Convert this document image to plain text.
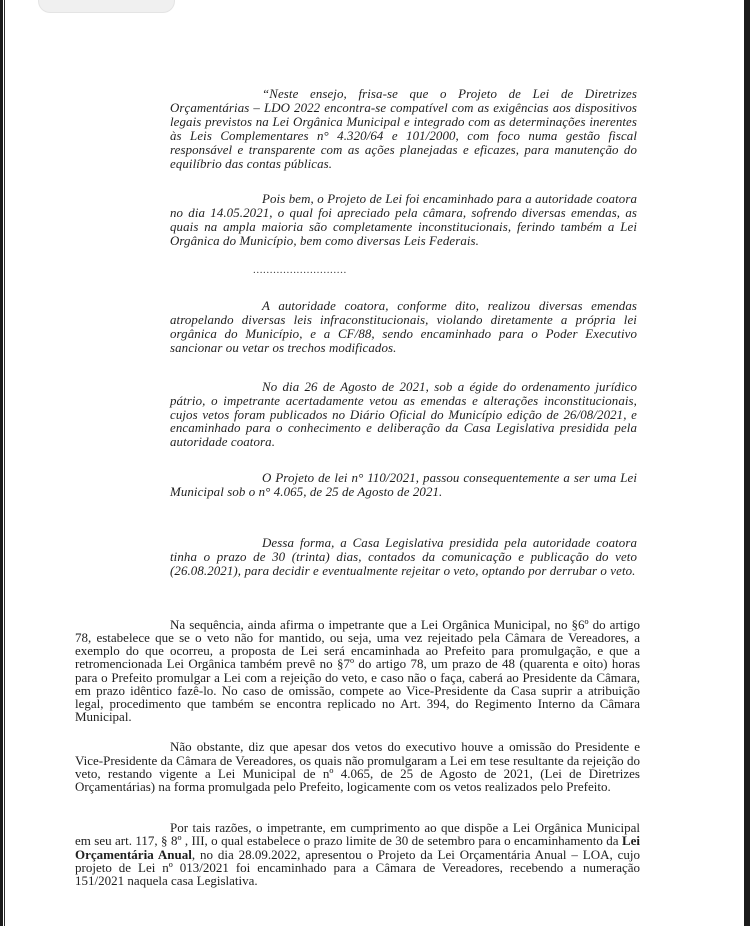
“Neste ensejo, frisa-se que o Projeto de Lei de Diretrizes Orçamentárias – LDO 2022 encontra-se compatível com as exigências aos dispositivos legais previstos na Lei Orgânica Municipal e integrado com as determinações inerentes às Leis Complementares n° 4.320/64 e 101/2000, com foco numa gestão fiscal responsável e transparente com as ações planejadas e eficazes, para manutenção do equilíbrio das contas públicas.

Pois bem, o Projeto de Lei foi encaminhado para a autoridade coatora no dia 14.05.2021, o qual foi apreciado pela câmara, sofrendo diversas emendas, as quais na ampla maioria são completamente inconstitucionais, ferindo também a Lei Orgânica do Município, bem como diversas Leis Federais.

............................

A autoridade coatora, conforme dito, realizou diversas emendas atropelando diversas leis infraconstitucionais, violando diretamente a própria lei orgânica do Município, e a CF/88, sendo encaminhado para o Poder Executivo sancionar ou vetar os trechos modificados.

No dia 26 de Agosto de 2021, sob a égide do ordenamento jurídico pátrio, o impetrante acertadamente vetou as emendas e alterações inconstitucionais, cujos vetos foram publicados no Diário Oficial do Município edição de 26/08/2021, e encaminhado para o conhecimento e deliberação da Casa Legislativa presidida pela autoridade coatora.

O Projeto de lei n° 110/2021, passou consequentemente a ser uma Lei Municipal sob o n° 4.065, de 25 de Agosto de 2021.

Dessa forma, a Casa Legislativa presidida pela autoridade coatora tinha o prazo de 30 (trinta) dias, contados da comunicação e publicação do veto (26.08.2021), para decidir e eventualmente rejeitar o veto, optando por derrubar o veto.

Na sequência, ainda afirma o impetrante que a Lei Orgânica Municipal, no §6º do artigo 78, estabelece que se o veto não for mantido, ou seja, uma vez rejeitado pela Câmara de Vereadores, a exemplo do que ocorreu, a proposta de Lei será encaminhada ao Prefeito para promulgação, e que a retromencionada Lei Orgânica também prevê no §7º do artigo 78, um prazo de 48 (quarenta e oito) horas para o Prefeito promulgar a Lei com a rejeição do veto, e caso não o faça, caberá ao Presidente da Câmara, em prazo idêntico fazê-lo. No caso de omissão, compete ao Vice-Presidente da Casa suprir a atribuição legal, procedimento que também se encontra replicado no Art. 394, do Regimento Interno da Câmara Municipal.

Não obstante, diz que apesar dos vetos do executivo houve a omissão do Presidente e Vice-Presidente da Câmara de Vereadores, os quais não promulgaram a Lei em tese resultante da rejeição do veto, restando vigente a Lei Municipal de nº 4.065, de 25 de Agosto de 2021, (Lei de Diretrizes Orçamentárias) na forma promulgada pelo Prefeito, logicamente com os vetos realizados pelo Prefeito.

Por tais razões, o impetrante, em cumprimento ao que dispõe a Lei Orgânica Municipal em seu art. 117, § 8º , III, o qual estabelece o prazo limite de 30 de setembro para o encaminhamento da Lei Orçamentária Anual, no dia 28.09.2022, apresentou o Projeto da Lei Orçamentária Anual – LOA, cujo projeto de Lei nº 013/2021 foi encaminhado para a Câmara de Vereadores, recebendo a numeração 151/2021 naquela casa Legislativa.
